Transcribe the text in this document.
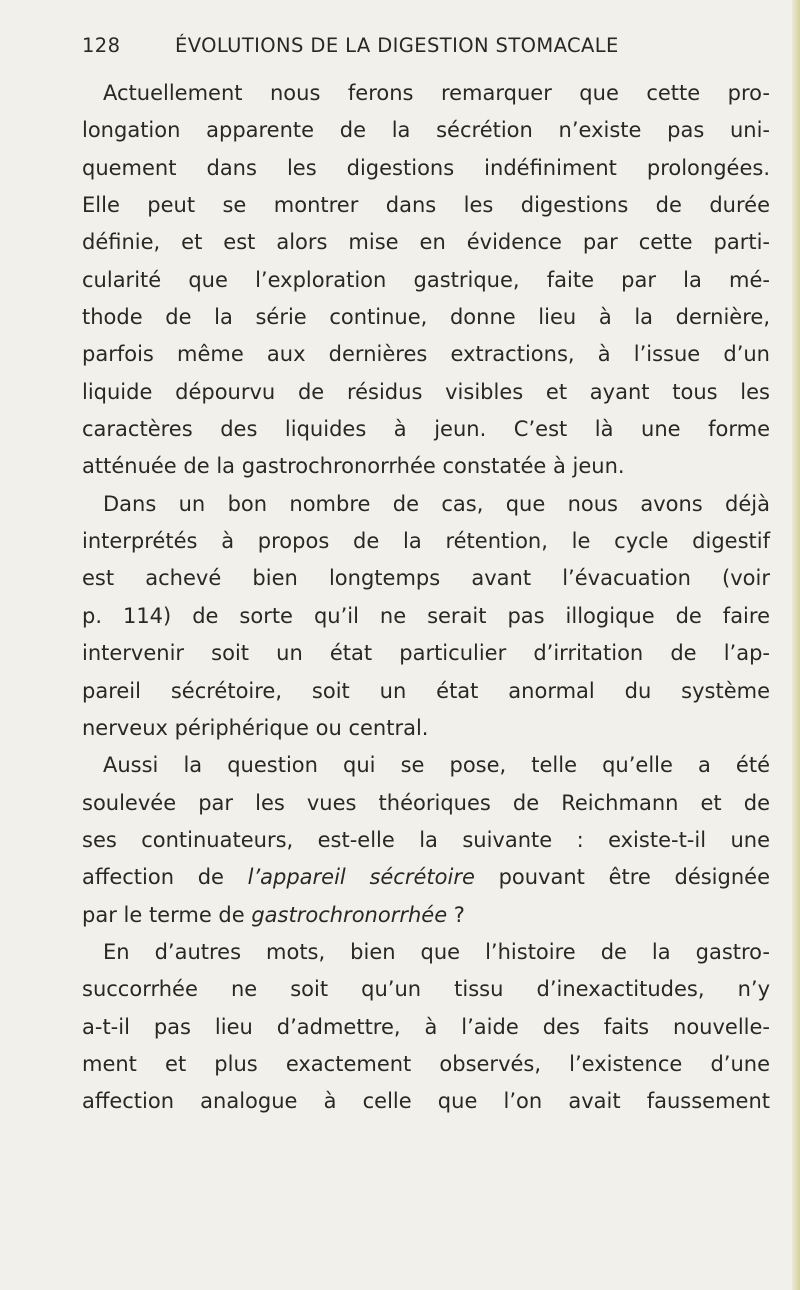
128	ÉVOLUTIONS DE LA DIGESTION STOMACALE
Actuellement nous ferons remarquer que cette pro-
longation apparente de la sécrétion n’existe pas uni-
quement dans les digestions indéfiniment prolongées.
Elle peut se montrer dans les digestions de durée
définie, et est alors mise en évidence par cette parti-
cularité que l’exploration gastrique, faite par la mé-
thode de la série continue, donne lieu à la dernière,
parfois même aux dernières extractions, à l’issue d’un
liquide dépourvu de résidus visibles et ayant tous les
caractères des liquides à jeun. C’est là une forme
atténuée de la gastrochronorrhée constatée à jeun.
Dans un bon nombre de cas, que nous avons déjà
interprétés à propos de la rétention, le cycle digestif
est achevé bien longtemps avant l’évacuation (voir
p. 114) de sorte qu’il ne serait pas illogique de faire
intervenir soit un état particulier d’irritation de l’ap-
pareil sécrétoire, soit un état anormal du système
nerveux périphérique ou central.
Aussi la question qui se pose, telle qu’elle a été
soulevée par les vues théoriques de Reichmann et de
ses continuateurs, est-elle la suivante : existe-t-il une
affection de l’appareil sécrétoire pouvant être désignée
par le terme de gastrochronorrhée ?
En d’autres mots, bien que l’histoire de la gastro-
succorrhée ne soit qu’un tissu d’inexactitudes, n’y
a-t-il pas lieu d’admettre, à l’aide des faits nouvelle-
ment et plus exactement observés, l’existence d’une
affection analogue à celle que l’on avait faussement
